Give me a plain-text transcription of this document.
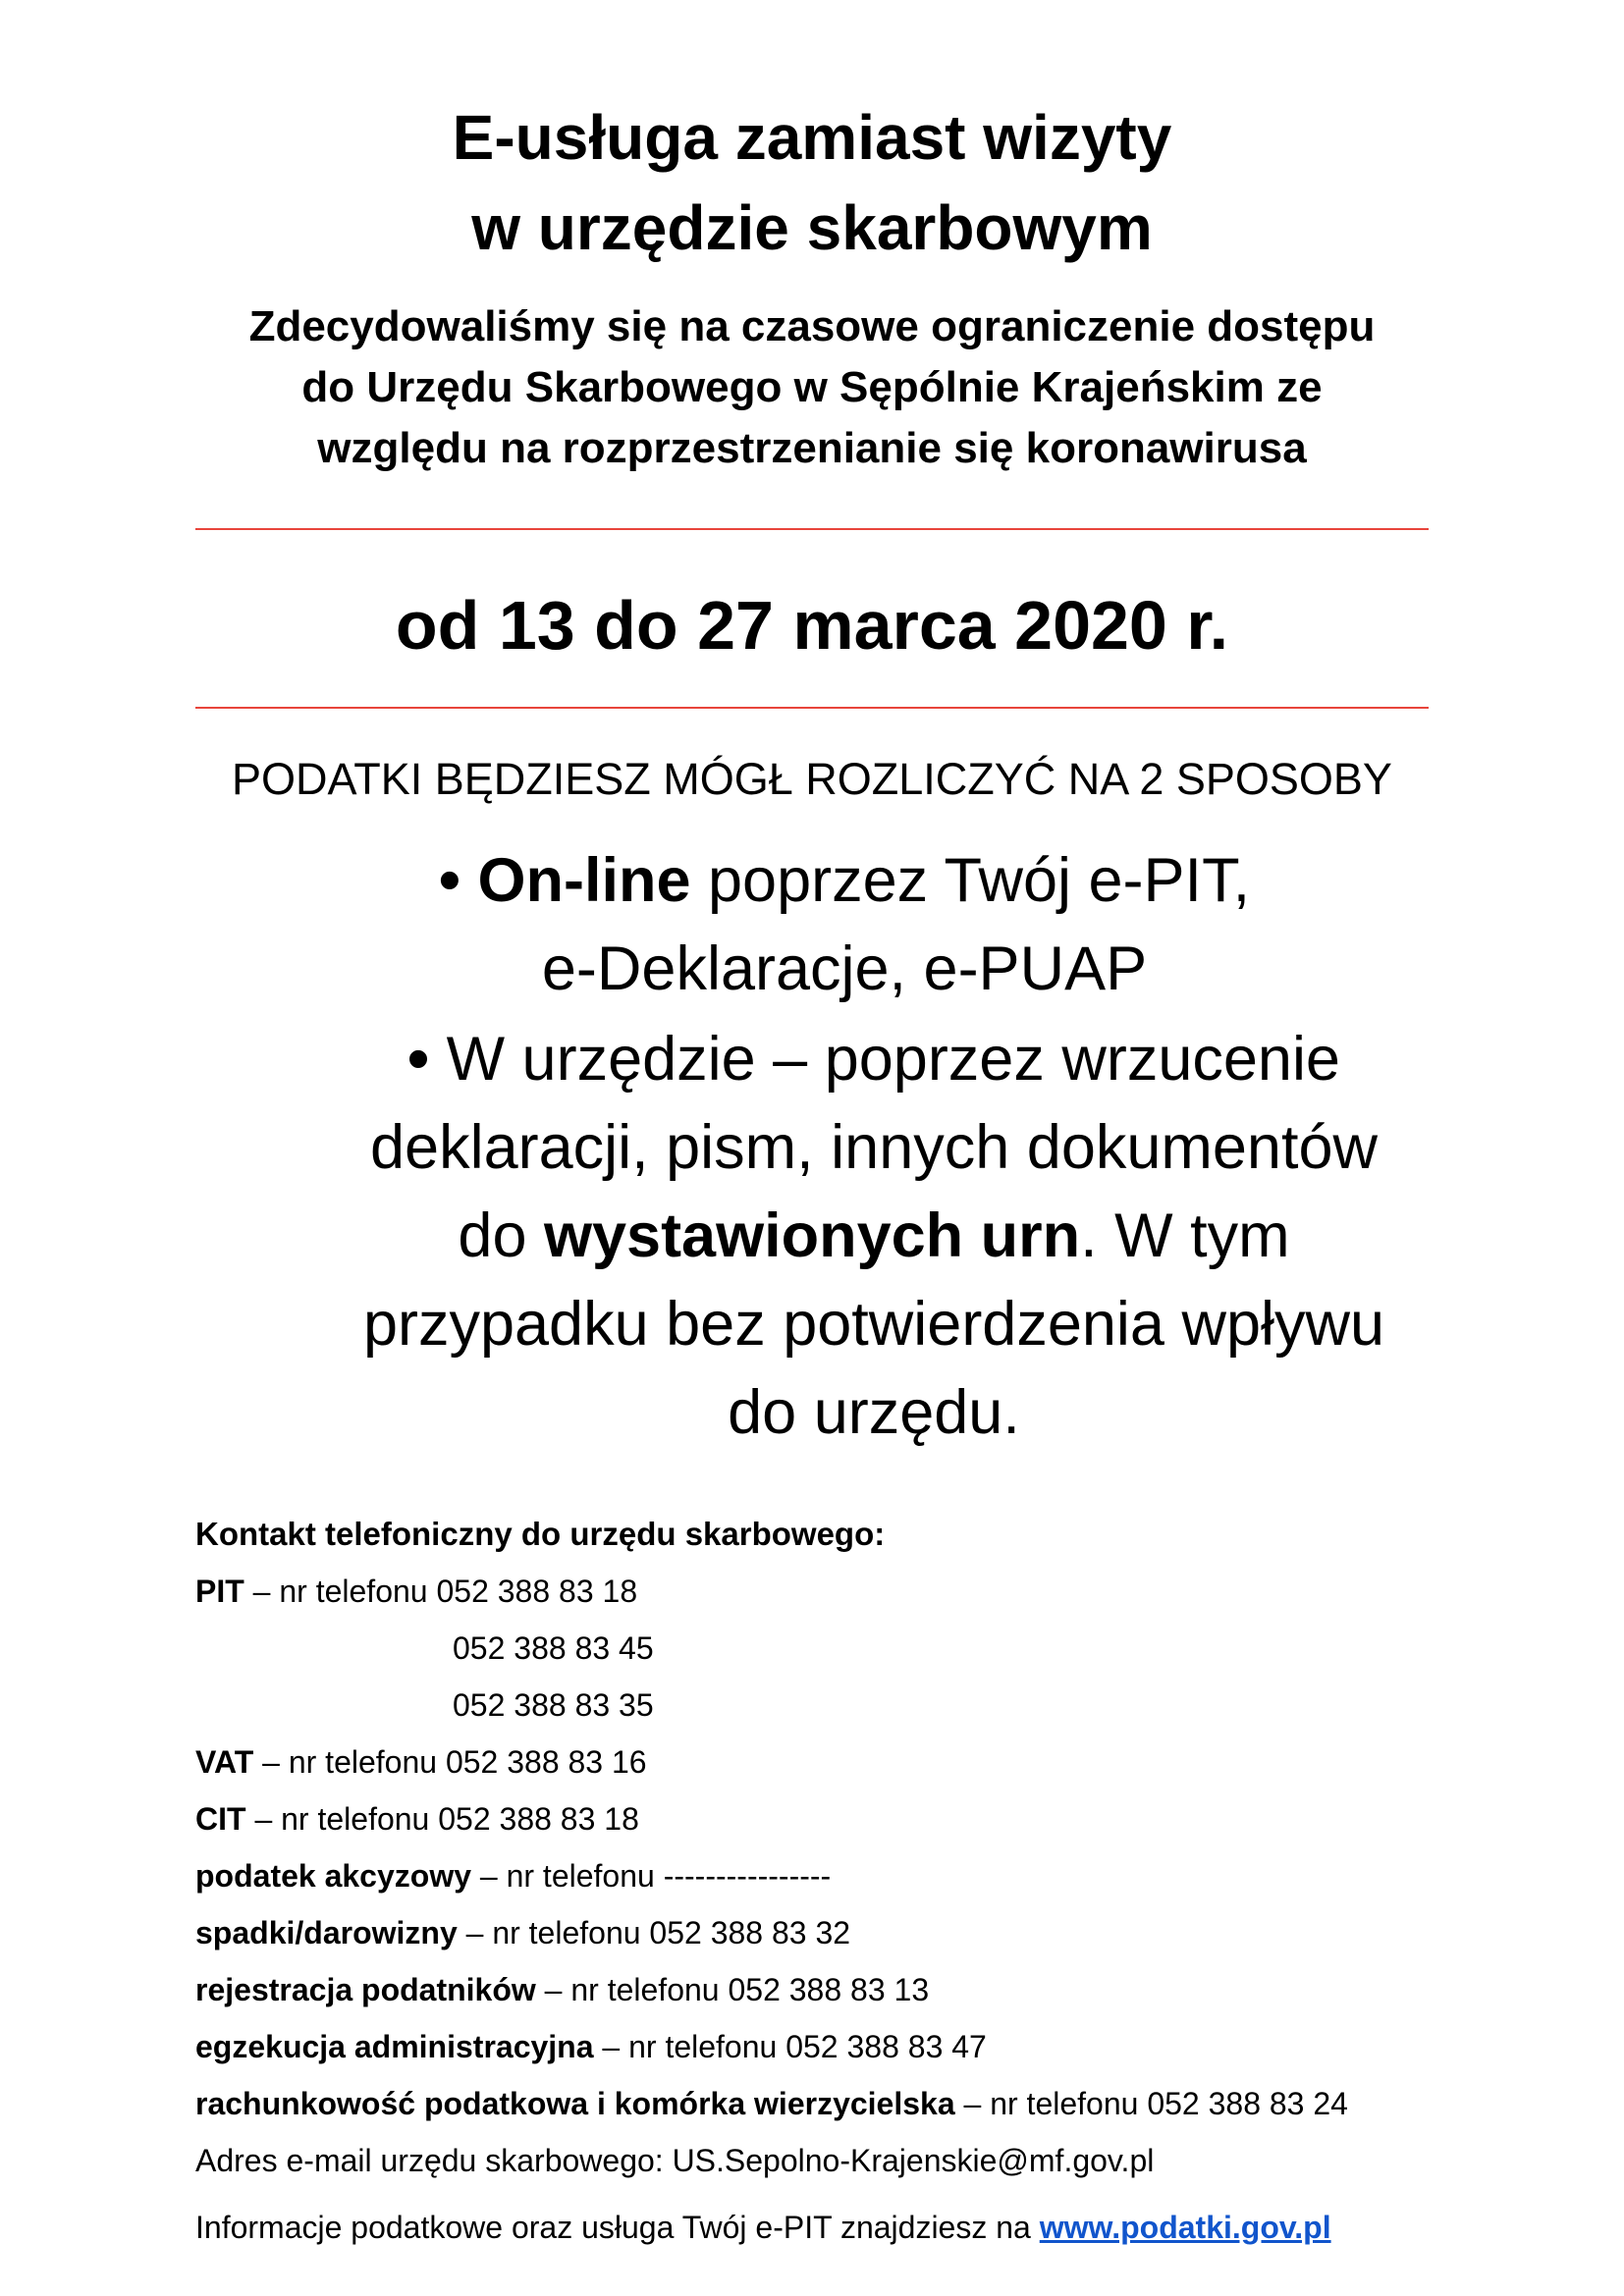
E-usługa zamiast wizyty
w urzędzie skarbowym
Zdecydowaliśmy się na czasowe ograniczenie dostępu
do Urzędu Skarbowego w Sępólnie Krajeńskim ze
względu na rozprzestrzenianie się koronawirusa
od 13 do 27 marca 2020 r.
PODATKI BĘDZIESZ MÓGŁ ROZLICZYĆ NA 2 SPOSOBY
• On-line poprzez Twój e-PIT,
e-Deklaracje, e-PUAP
• W urzędzie – poprzez wrzucenie
deklaracji, pism, innych dokumentów
do wystawionych urn. W tym
przypadku bez potwierdzenia wpływu
do urzędu.
Kontakt telefoniczny do urzędu skarbowego:
PIT – nr telefonu 052 388 83 18
052 388 83 45
052 388 83 35
VAT – nr telefonu 052 388 83 16
CIT – nr telefonu 052 388 83 18
podatek akcyzowy – nr telefonu ----------------
spadki/darowizny – nr telefonu 052 388 83 32
rejestracja podatników – nr telefonu 052 388 83 13
egzekucja administracyjna – nr telefonu 052 388 83 47
rachunkowość podatkowa i komórka wierzycielska – nr telefonu 052 388 83 24
Adres e-mail urzędu skarbowego: US.Sepolno-Krajenskie@mf.gov.pl
Informacje podatkowe oraz usługa Twój e-PIT znajdziesz na www.podatki.gov.pl
